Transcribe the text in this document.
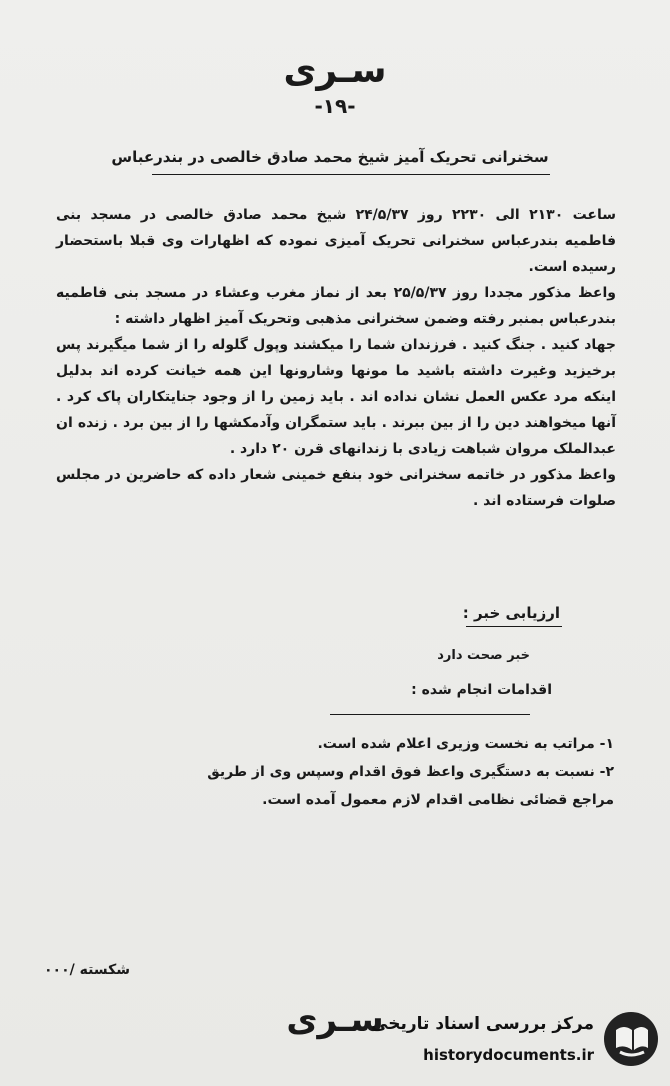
سـری
-۱۹-
سخنرانی تحریک آمیز شیخ محمد صادق خالصی در بندرعباس

ساعت ۲۱۳۰ الی ۲۲۳۰ روز ۲۴/۵/۳۷ شیخ محمد صادق خالصی در مسجد بنی فاطمیه بندرعباس سخنرانی تحریک آمیزی نموده که اظهارات وی قبلا باستحضار رسیده است.

واعظ مذکور مجددا روز ۲۵/۵/۳۷ بعد از نماز مغرب وعشاء در مسجد بنی فاطمیه بندرعباس بمنبر رفته وضمن سخنرانی مذهبی وتحریک آمیز اظهار داشته :

جهاد کنید . جنگ کنید . فرزندان شما را میکشند وپول گلوله را از شما میگیرند پس برخیزید وغیرت داشته باشید ما مونها وشارونها این همه خیانت کرده اند بدلیل اینکه مرد عکس العمل نشان نداده اند . باید زمین را از وجود جنایتکاران پاک کرد . آنها میخواهند دین را از بین ببرند . باید ستمگران وآدمکشها را از بین برد . زنده ان عبدالملک مروان شباهت زیادی با زندانهای قرن ۲۰ دارد .

واعظ مذکور در خاتمه سخنرانی خود بنفع خمینی شعار داده که حاضرین در مجلس صلوات فرستاده اند .

ارزیابی خبر :
خبر صحت دارد
اقدامات انجام شده :
۱- مراتب به نخست وزیری اعلام شده است.
۲- نسبت به دستگیری واعظ فوق اقدام وسپس وی از طریق مراجع قضائی نظامی اقدام لازم معمول آمده است.
شکسته /۰۰۰
سـری
مرکز بررسی اسناد تاریخی
historydocuments.ir
